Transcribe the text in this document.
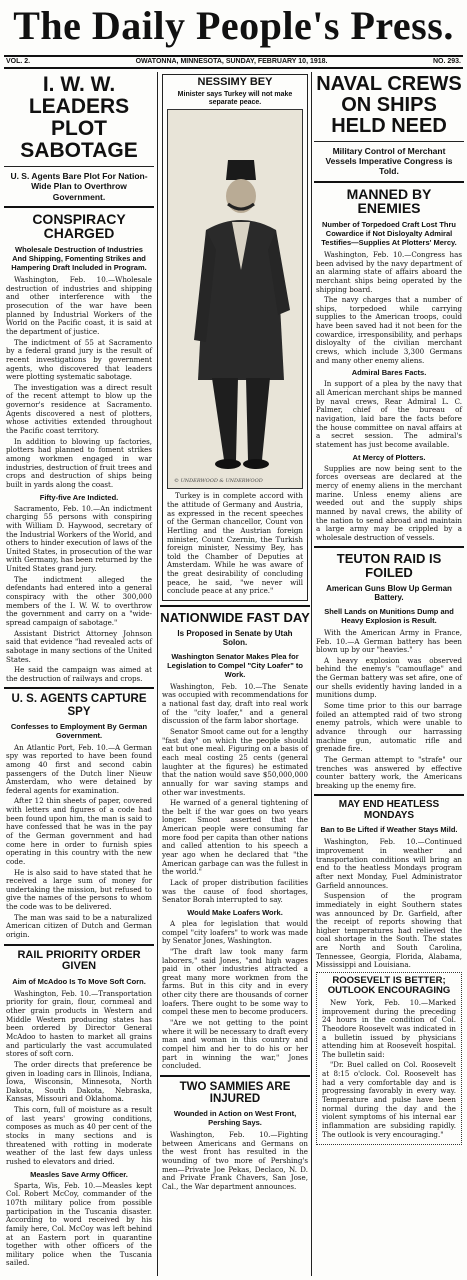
The Daily People's Press.
VOL. 2.	OWATONNA, MINNESOTA, SUNDAY, FEBRUARY 10, 1918.	NO. 293.
I. W. W. LEADERS PLOT SABOTAGE
U. S. Agents Bare Plot For Nation-Wide Plan to Overthrow Government.
CONSPIRACY CHARGED
Wholesale Destruction of Industries And Shipping, Fomenting Strikes and Hampering Draft Included in Program.

Washington, Feb. 10.—Wholesale destruction of industries and shipping and other interference with the prosecution of the war have been planned by Industrial Workers of the World on the Pacific coast, it is said at the department of justice.

The indictment of 55 at Sacramento by a federal grand jury is the result of recent investigations by government agents, who discovered that leaders were plotting systematic sabotage.

The investigation was a direct result of the recent attempt to blow up the governor's residence at Sacramento. Agents discovered a nest of plotters, whose activities extended throughout the Pacific coast territory.

In addition to blowing up factories, plotters had planned to foment strikes among workmen engaged in war industries, destruction of fruit trees and crops and destruction of ships being built in yards along the coast.

Fifty-five Are Indicted.

Sacramento, Feb. 10.—An indictment charging 55 persons with conspiring with William D. Haywood, secretary of the Industrial Workers of the World, and others to hinder execution of laws of the United States, in prosecution of the war with Germany, has been returned by the United States grand jury.

The indictment alleged the defendants had entered into a general conspiracy with the other 300,000 members of the I. W. W. to overthrow the government and carry on a "wide-spread campaign of sabotage."

Assistant District Attorney Johnson said that evidence "had revealed acts of sabotage in many sections of the United States.

He said the campaign was aimed at the destruction of railways and crops.

U. S. AGENTS CAPTURE SPY
Confesses to Employment By German Government.

An Atlantic Port, Feb. 10.—A German spy was reported to have been found among 40 first and second cabin passengers of the Dutch liner Nieuw Amsterdam, who were detained by federal agents for examination.

After 12 thin sheets of paper, covered with letters and figures of a code had been found upon him, the man is said to have confessed that he was in the pay of the German government and had come here in order to furnish spies operating in this country with the new code.

He is also said to have stated that he received a large sum of money for undertaking the mission, but refused to give the names of the persons to whom the code was to be delivered.

The man was said to be a naturalized American citizen of Dutch and German origin.

RAIL PRIORITY ORDER GIVEN
Aim of McAdoo Is To Move Soft Corn.

Washington, Feb. 10.—Transportation priority for grain, flour, cornmeal and other grain products in Western and Middle Western producing states has been ordered by Director General McAdoo to hasten to market all grains and particularly the vast accumulated stores of soft corn.

The order directs that preference be given in loading cars in Illinois, Indiana, Iowa, Wisconsin, Minnesota, North Dakota, South Dakota, Nebraska, Kansas, Missouri and Oklahoma.

This corn, full of moisture as a result of last years' growing conditions, composes as much as 40 per cent of the stocks in many sections and is threatened with rotting in moderate weather of the last few days unless rushed to elevators and dried.

Measles Save Army Officer.

Sparta, Wis, Feb. 10.—Measles kept Col. Robert McCoy, commander of the 107th military police from possible participation in the Tuscania disaster. According to word received by his family here, Col. McCoy was left behind at an Eastern port in quarantine together with other officers of the military police when the Tuscania sailed.

NESSIMY BEY
Minister says Turkey will not make separate peace.
© UNDERWOOD & UNDERWOOD

Turkey is in complete accord with the attitude of Germany and Austria, as expressed in the recent speeches of the German chancellor, Count von Hertling and the Austrian foreign minister, Count Czernin, the Turkish foreign minister, Nessimy Bey, has told the Chamber of Deputies at Amsterdam. While he was aware of the great desirability of concluding peace, he said, "we never will conclude peace at any price."

NATIONWIDE FAST DAY
Is Proposed in Senate by Utah Solon.
Washington Senator Makes Plea for Legislation to Compel "City Loafer" to Work.

Washington, Feb. 10.—The Senate was occupied with recommendations for a national fast day, draft into real work of the "city loafer," and a general discussion of the farm labor shortage.

Senator Smoot came out for a lengthy "fast day" on which the people should eat but one meal. Figuring on a basis of each meal costing 25 cents (general laughter at the figures) he estimated that the nation would save $50,000,000 annually for war saving stamps and other war investments.

He warned of a general tightening of the belt if the war goes on two years longer. Smoot asserted that the American people were consuming far more food per capita than other nations and called attention to his speech a year ago when he declared that "the American garbage can was the fullest in the world."

Lack of proper distribution facilities was the cause of food shortages, Senator Borah interrupted to say.

Would Make Loafers Work.

A plea for legislation that would compel "city loafers" to work was made by Senator Jones, Washington.

"The draft law took many farm laborers," said Jones, "and high wages paid in other industries attracted a great many more workmen from the farms. But in this city and in every other city there are thousands of corner loafers. There ought to be some way to compel these men to become producers.

"Are we not getting to the point where it will be necessary to draft every man and woman in this country and compel him and her to do his or her part in winning the war," Jones concluded.

TWO SAMMIES ARE INJURED
Wounded in Action on West Front, Pershing Says.

Washington, Feb. 10.—Fighting between Americans and Germans on the west front has resulted in the wounding of two more of Pershing's men—Private Joe Pekas, Declaco, N. D. and Private Frank Chavers, San Jose, Cal., the War department announces.

NAVAL CREWS ON SHIPS HELD NEED
Military Control of Merchant Vessels Imperative Congress is Told.
MANNED BY ENEMIES
Number of Torpedoed Craft Lost Thru Cowardice if Not Disloyalty Admiral Testifies—Supplies At Plotters' Mercy.

Washington, Feb. 10.—Congress has been advised by the navy department of an alarming state of affairs aboard the merchant ships being operated by the shipping board.

The navy charges that a number of ships, torpedoed while carrying supplies to the American troops, could have been saved had it not been for the cowardice, irresponsibility, and perhaps disloyalty of the civilian merchant crews, which include 3,300 Germans and many other enemy aliens.

Admiral Bares Facts.

In support of a plea by the navy that all American merchant ships be manned by naval crews, Rear Admiral L. C. Palmer, chief of the bureau of navigation, laid bare the facts before the house committee on naval affairs at a secret session. The admiral's statement has just become available.

At Mercy of Plotters.

Supplies are now being sent to the forces overseas are declared at the mercy of enemy aliens in the merchant marine. Unless enemy aliens are weeded out and the supply ships manned by naval crews, the ability of the nation to send abroad and maintain a large army may be crippled by a wholesale destruction of vessels.

TEUTON RAID IS FOILED
American Guns Blow Up German Battery.
Shell Lands on Munitions Dump and Heavy Explosion is Result.

With the American Army in France, Feb. 10.—A German battery has been blown up by our "heavies."

A heavy explosion was observed behind the enemy's "camouflage" and the German battery was set afire, one of our shells evidently having landed in a munitions dump.

Some time prior to this our barrage foiled an attempted raid of two strong enemy patrols, which were unable to advance through our harrassing machine gun, automatic rifle and grenade fire.

The German attempt to "strafe" our trenches was answered by effective counter battery work, the Americans breaking up the enemy fire.

MAY END HEATLESS MONDAYS
Ban to Be Lifted if Weather Stays Mild.

Washington, Feb. 10.—Continued improvement in weather and transportation conditions will bring an end to the heatless Mondays program after next Monday, Fuel Administrator Garfield announces.

Suspension of the program immediately in eight Southern states was announced by Dr. Garfield, after the receipt of reports showing that higher temperatures had relieved the coal shortage in the South. The states are North and South Carolina, Tennessee, Georgia, Florida, Alabama, Mississippi and Louisiana.

ROOSEVELT IS BETTER; OUTLOOK ENCOURAGING

New York, Feb. 10.—Marked improvement during the preceding 24 hours in the condition of Col. Theodore Roosevelt was indicated in a bulletin issued by physicians attending him at Roosevelt hospital. The bulletin said:

"Dr. Buel called on Col. Roosevelt at 8:15 o'clock. Col. Roosevelt has had a very comfortable day and is progressing favorably in every way. Temperature and pulse have been normal during the day and the violent symptoms of his internal ear inflammation are subsiding rapidly. The outlook is very encouraging."
